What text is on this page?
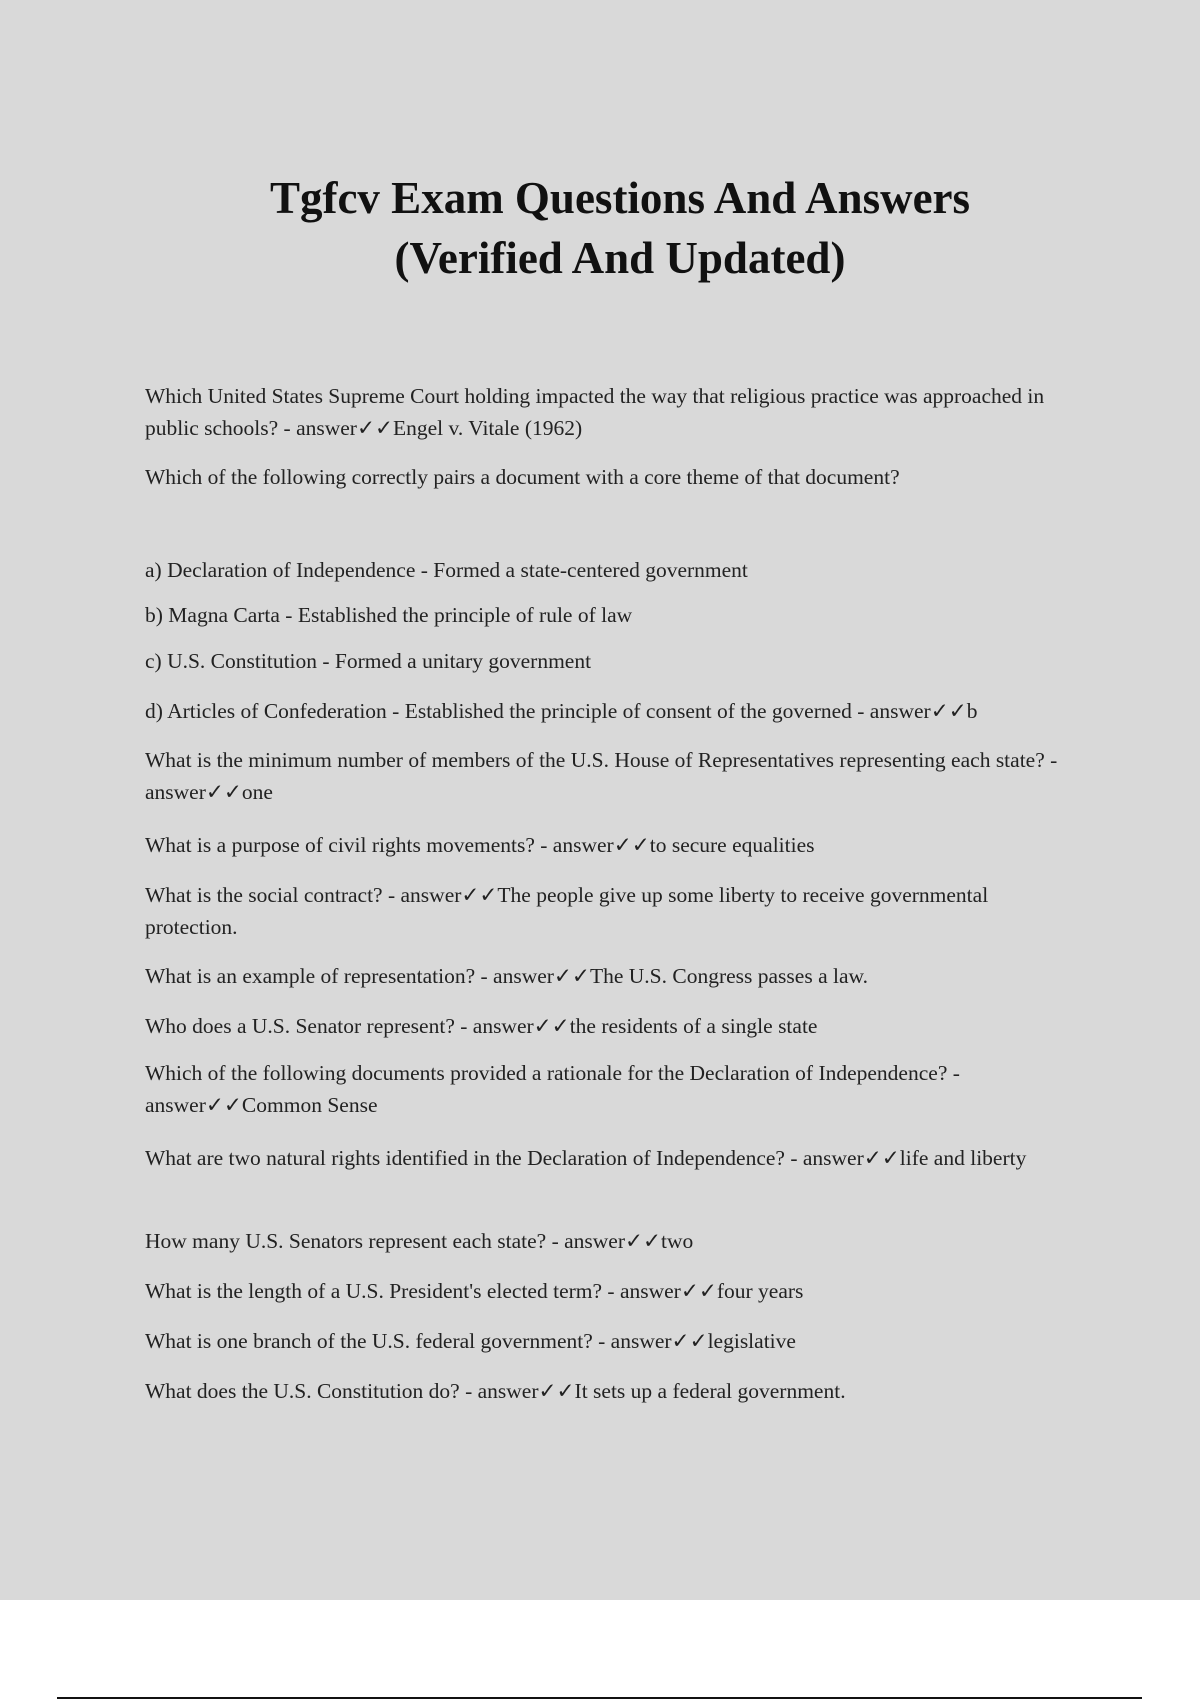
Tgfcv Exam Questions And Answers
(Verified And Updated)

Which United States Supreme Court holding impacted the way that religious practice was approached in public schools? - answer✓✓Engel v. Vitale (1962)

Which of the following correctly pairs a document with a core theme of that document?

a) Declaration of Independence - Formed a state-centered government

b) Magna Carta - Established the principle of rule of law

c) U.S. Constitution - Formed a unitary government

d) Articles of Confederation - Established the principle of consent of the governed - answer✓✓b

What is the minimum number of members of the U.S. House of Representatives representing each state? - answer✓✓one

What is a purpose of civil rights movements? - answer✓✓to secure equalities

What is the social contract? - answer✓✓The people give up some liberty to receive governmental protection.

What is an example of representation? - answer✓✓The U.S. Congress passes a law.

Who does a U.S. Senator represent? - answer✓✓the residents of a single state

Which of the following documents provided a rationale for the Declaration of Independence? - answer✓✓Common Sense

What are two natural rights identified in the Declaration of Independence? - answer✓✓life and liberty

How many U.S. Senators represent each state? - answer✓✓two

What is the length of a U.S. President's elected term? - answer✓✓four years

What is one branch of the U.S. federal government? - answer✓✓legislative

What does the U.S. Constitution do? - answer✓✓It sets up a federal government.
